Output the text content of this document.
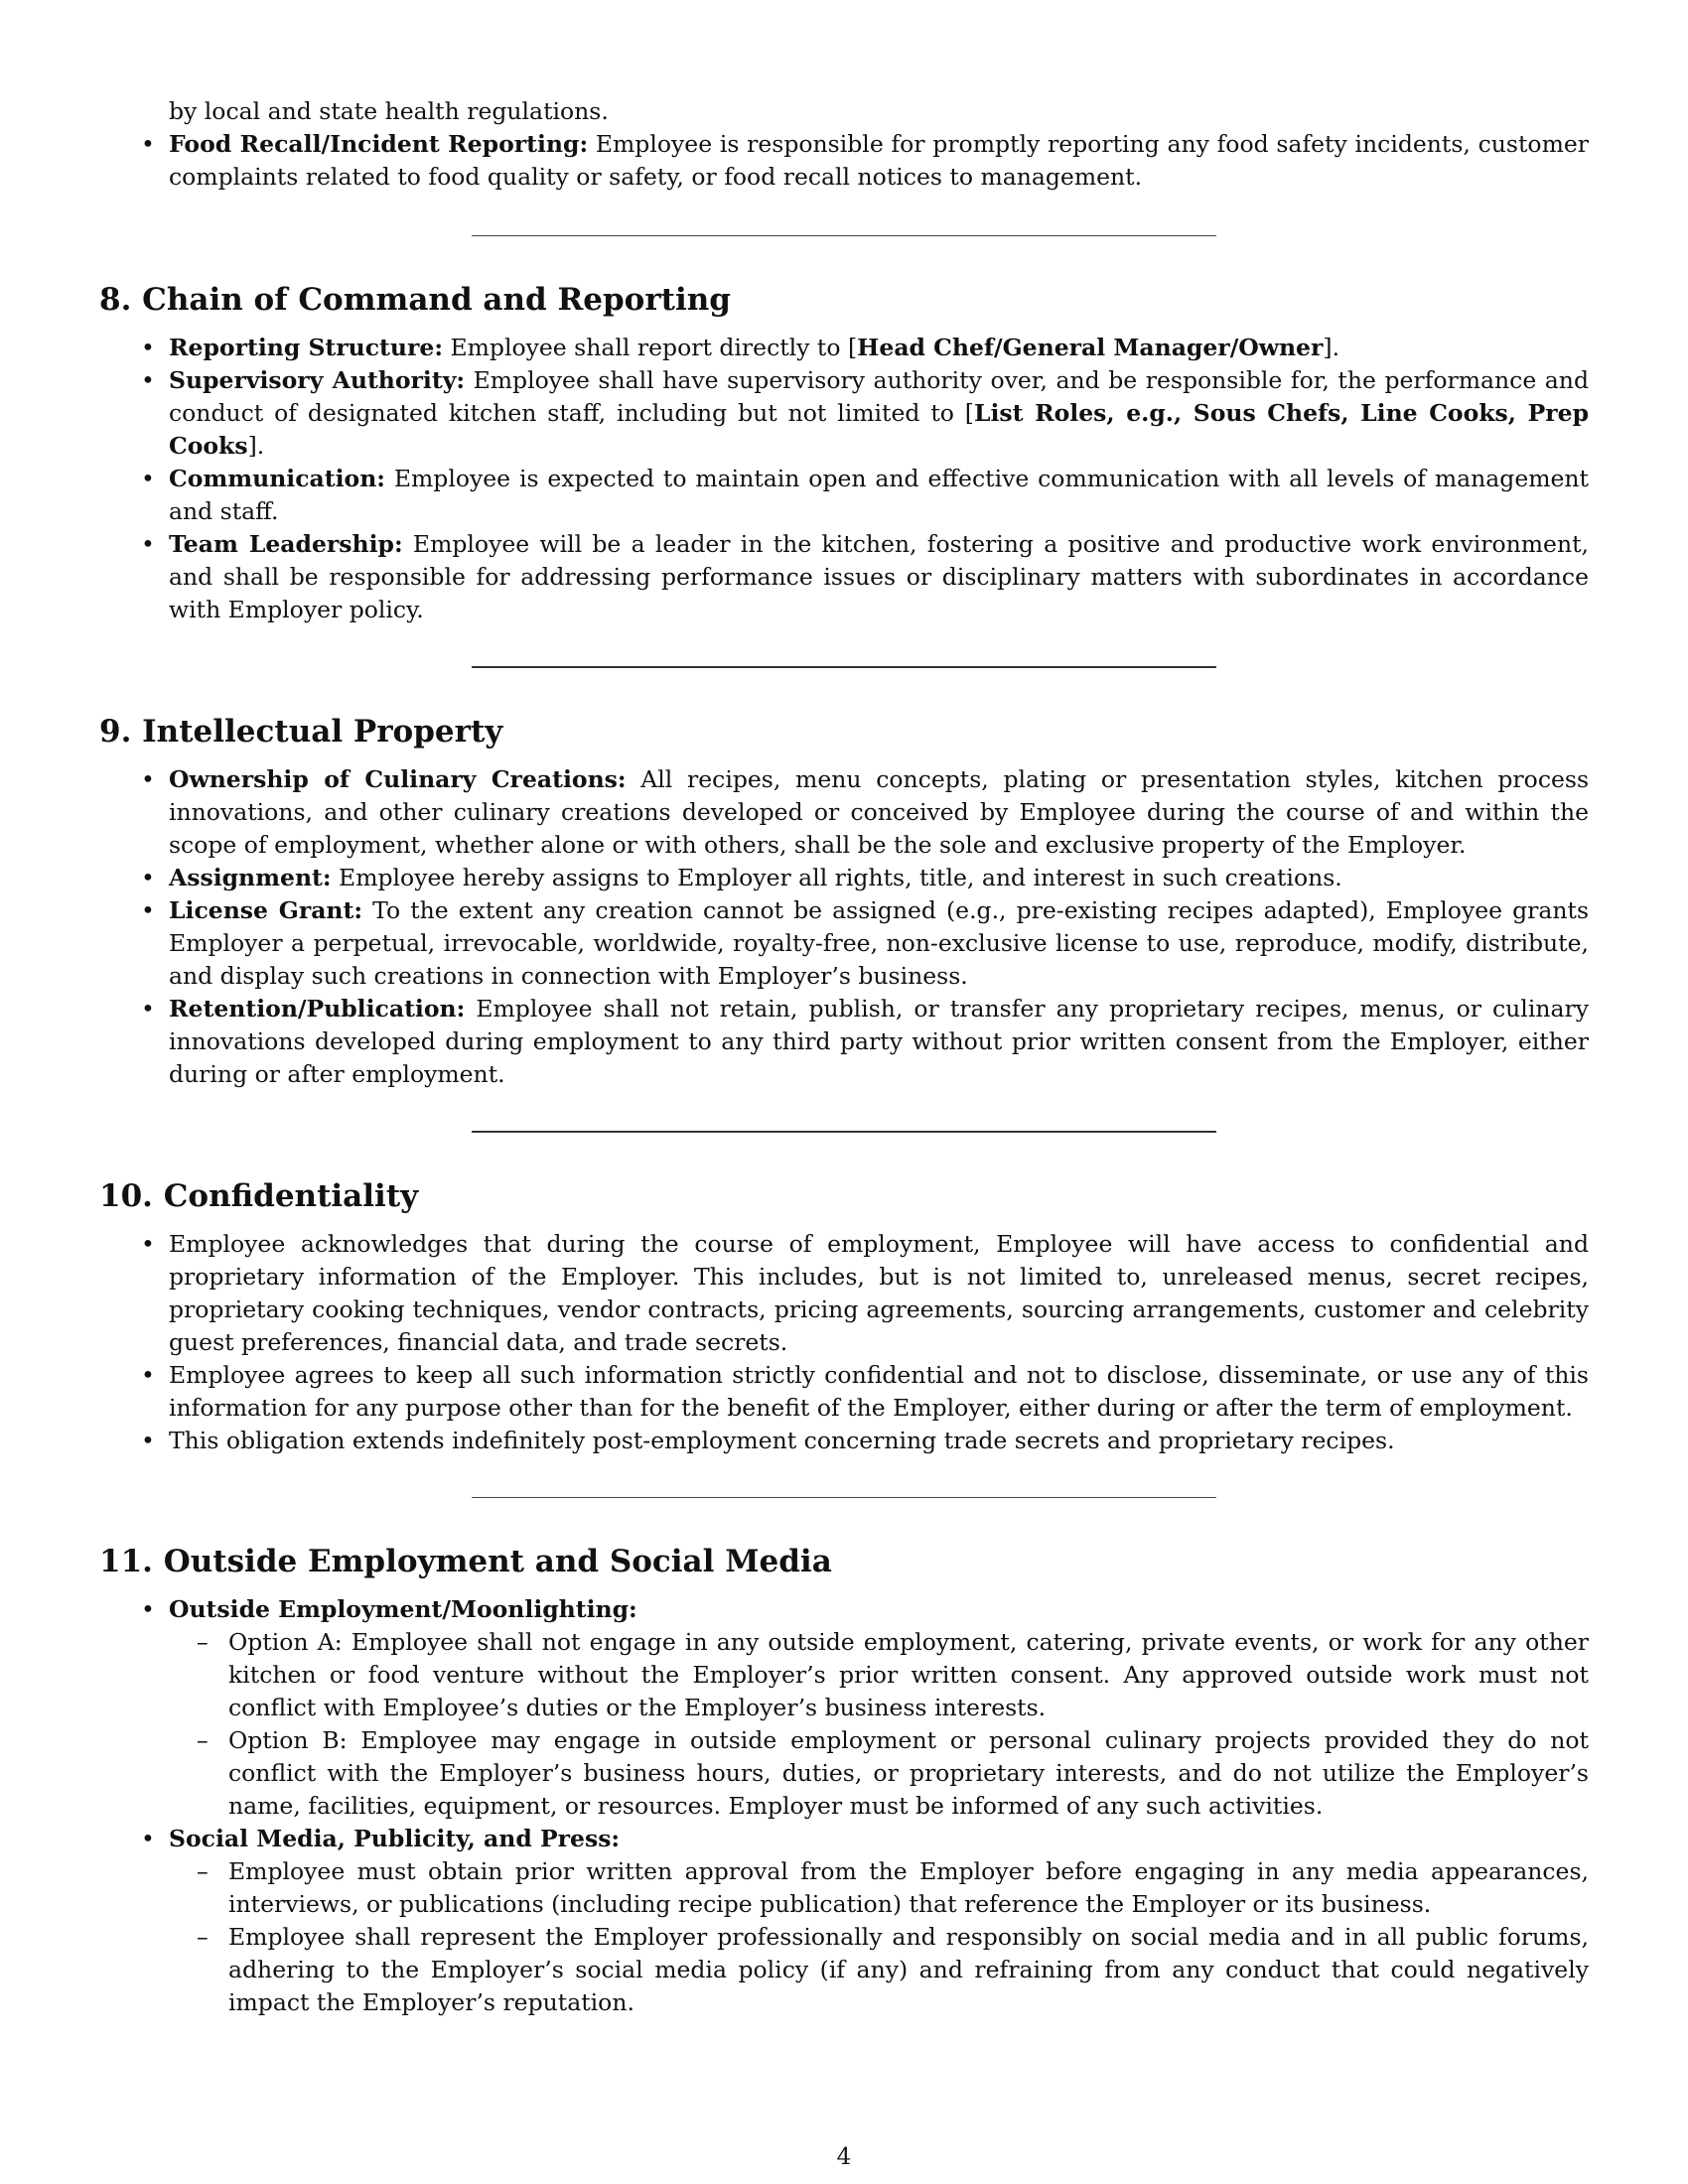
by local and state health regulations.
• Food Recall/Incident Reporting: Employee is responsible for promptly reporting any food safety incidents, customer complaints related to food quality or safety, or food recall notices to management.
8. Chain of Command and Reporting
• Reporting Structure: Employee shall report directly to [Head Chef/General Manager/Owner].
• Supervisory Authority: Employee shall have supervisory authority over, and be responsible for, the performance and conduct of designated kitchen staff, including but not limited to [List Roles, e.g., Sous Chefs, Line Cooks, Prep Cooks].
• Communication: Employee is expected to maintain open and effective communication with all levels of management and staff.
• Team Leadership: Employee will be a leader in the kitchen, fostering a positive and productive work environment, and shall be responsible for addressing performance issues or disciplinary matters with subordinates in accordance with Employer policy.
9. Intellectual Property
• Ownership of Culinary Creations: All recipes, menu concepts, plating or presentation styles, kitchen process innovations, and other culinary creations developed or conceived by Employee during the course of and within the scope of employment, whether alone or with others, shall be the sole and exclusive property of the Employer.
• Assignment: Employee hereby assigns to Employer all rights, title, and interest in such creations.
• License Grant: To the extent any creation cannot be assigned (e.g., pre-existing recipes adapted), Employee grants Employer a perpetual, irrevocable, worldwide, royalty-free, non-exclusive license to use, reproduce, modify, distribute, and display such creations in connection with Employer’s business.
• Retention/Publication: Employee shall not retain, publish, or transfer any proprietary recipes, menus, or culinary innovations developed during employment to any third party without prior written consent from the Employer, either during or after employment.
10. Confidentiality
• Employee acknowledges that during the course of employment, Employee will have access to confidential and proprietary information of the Employer. This includes, but is not limited to, unreleased menus, secret recipes, proprietary cooking techniques, vendor contracts, pricing agreements, sourcing arrangements, customer and celebrity guest preferences, financial data, and trade secrets.
• Employee agrees to keep all such information strictly confidential and not to disclose, disseminate, or use any of this information for any purpose other than for the benefit of the Employer, either during or after the term of employment.
• This obligation extends indefinitely post-employment concerning trade secrets and proprietary recipes.
11. Outside Employment and Social Media
• Outside Employment/Moonlighting:
– Option A: Employee shall not engage in any outside employment, catering, private events, or work for any other kitchen or food venture without the Employer’s prior written consent. Any approved outside work must not conflict with Employee’s duties or the Employer’s business interests.
– Option B: Employee may engage in outside employment or personal culinary projects provided they do not conflict with the Employer’s business hours, duties, or proprietary interests, and do not utilize the Employer’s name, facilities, equipment, or resources. Employer must be informed of any such activities.
• Social Media, Publicity, and Press:
– Employee must obtain prior written approval from the Employer before engaging in any media appearances, interviews, or publications (including recipe publication) that reference the Employer or its business.
– Employee shall represent the Employer professionally and responsibly on social media and in all public forums, adhering to the Employer’s social media policy (if any) and refraining from any conduct that could negatively impact the Employer’s reputation.
4
